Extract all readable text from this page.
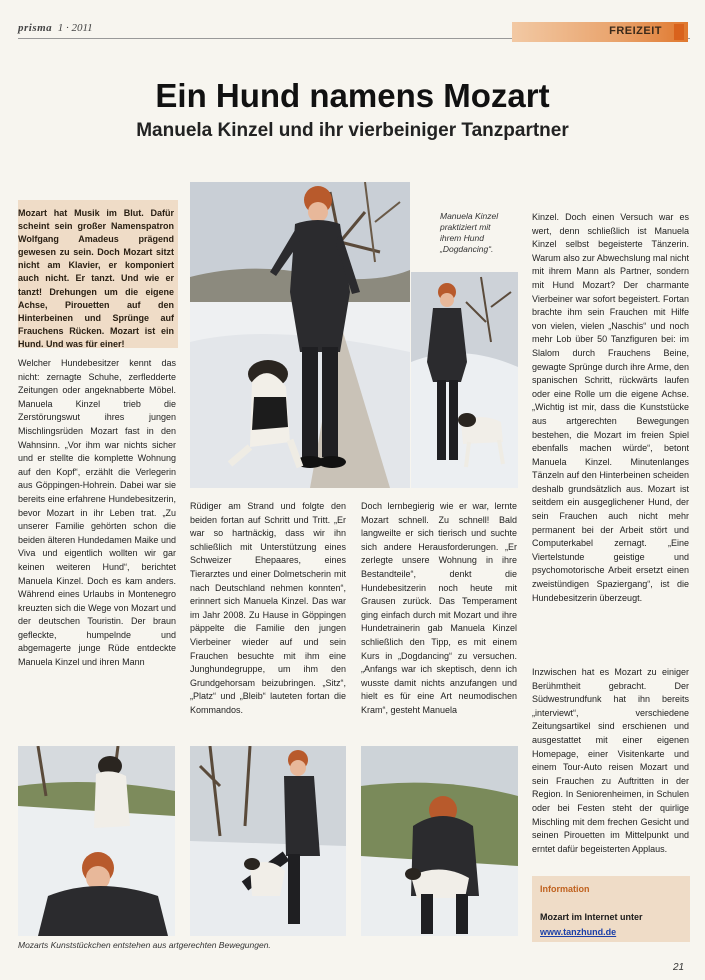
prisma 1 · 2011	FREIZEIT
Ein Hund namens Mozart
Manuela Kinzel und ihr vierbeiniger Tanzpartner
Mozart hat Musik im Blut. Dafür scheint sein großer Namenspatron Wolfgang Amadeus prägend gewesen zu sein. Doch Mozart sitzt nicht am Klavier, er komponiert auch nicht. Er tanzt. Und wie er tanzt! Drehungen um die eigene Achse, Pirouetten auf den Hinterbeinen und Sprünge auf Frauchens Rücken. Mozart ist ein Hund. Und was für einer!

Welcher Hundebesitzer kennt das nicht: zernagte Schuhe, zerfledderte Zeitungen oder angeknabberte Möbel. Manuela Kinzel trieb die Zerstörungswut ihres jungen Mischlingsrüden Mozart fast in den Wahnsinn. „Vor ihm war nichts sicher und er stellte die komplette Wohnung auf den Kopf“, erzählt die Verlegerin aus Göppingen-Hohrein. Dabei war sie bereits eine erfahrene Hundebesitzerin, bevor Mozart in ihr Leben trat. „Zu unserer Familie gehörten schon die beiden älteren Hundedamen Maike und Viva und eigentlich wollten wir gar keinen weiteren Hund“, berichtet Manuela Kinzel. Doch es kam anders. Während eines Urlaubs in Montenegro kreuzten sich die Wege von Mozart und der deutschen Touristin. Der braun gefleckte, humpelnde und abgemagerte junge Rüde entdeckte Manuela Kinzel und ihren Mann

Manuela Kinzel praktiziert mit ihrem Hund „Dogdancing“.

Rüdiger am Strand und folgte den beiden fortan auf Schritt und Tritt. „Er war so hartnäckig, dass wir ihn schließlich mit Unterstützung eines Schweizer Ehepaares, eines Tierarztes und einer Dolmetscherin mit nach Deutschland nehmen konnten“, erinnert sich Manuela Kinzel. Das war im Jahr 2008. Zu Hause in Göppingen päppelte die Familie den jungen Vierbeiner wieder auf und sein Frauchen besuchte mit ihm eine Junghundegruppe, um ihm den Grundgehorsam beizubringen. „Sitz“, „Platz“ und „Bleib“ lauteten fortan die Kommandos.

Doch lernbegierig wie er war, lernte Mozart schnell. Zu schnell! Bald langweilte er sich tierisch und suchte sich andere Herausforderungen. „Er zerlegte unsere Wohnung in ihre Bestandteile“, denkt die Hundebesitzerin noch heute mit Grausen zurück. Das Temperament ging einfach durch mit Mozart und ihre Hundetrainerin gab Manuela Kinzel schließlich den Tipp, es mit einem Kurs in „Dogdancing“ zu versuchen. „Anfangs war ich skeptisch, denn ich wusste damit nichts anzufangen und hielt es für eine Art neumodischen Kram“, gesteht Manuela

Kinzel. Doch einen Versuch war es wert, denn schließlich ist Manuela Kinzel selbst begeisterte Tänzerin. Warum also zur Abwechslung mal nicht mit ihrem Mann als Partner, sondern mit Hund Mozart? Der charmante Vierbeiner war sofort begeistert. Fortan brachte ihm sein Frauchen mit Hilfe von vielen, vielen „Naschis“ und noch mehr Lob über 50 Tanzfiguren bei: im Slalom durch Frauchens Beine, gewagte Sprünge durch ihre Arme, den spanischen Schritt, rückwärts laufen oder eine Rolle um die eigene Achse. „Wichtig ist mir, dass die Kunststücke aus artgerechten Bewegungen bestehen, die Mozart im freien Spiel ebenfalls machen würde“, betont Manuela Kinzel. Minutenlanges Tänzeln auf den Hinterbeinen scheiden deshalb grundsätzlich aus. Mozart ist seitdem ein ausgeglichener Hund, der sein Frauchen auch nicht mehr permanent bei der Arbeit stört und Computerkabel zernagt. „Eine Viertelstunde geistige und psychomotorische Arbeit ersetzt einen zweistündigen Spaziergang“, ist die Hundebesitzerin überzeugt.

Inzwischen hat es Mozart zu einiger Berühmtheit gebracht. Der Südwestrundfunk hat ihn bereits „interviewt“, verschiedene Zeitungsartikel sind erschienen und ausgestattet mit einer eigenen Homepage, einer Visitenkarte und einem Tour-Auto reisen Mozart und sein Frauchen zu Auftritten in der Region. In Seniorenheimen, in Schulen oder bei Festen steht der quirlige Mischling mit dem frechen Gesicht und seinen Pirouetten im Mittelpunkt und erntet dafür begeisterten Applaus.

Mozarts Kunststückchen entstehen aus artgerechten Bewegungen.
Information
Mozart im Internet unter
www.tanzhund.de
21
